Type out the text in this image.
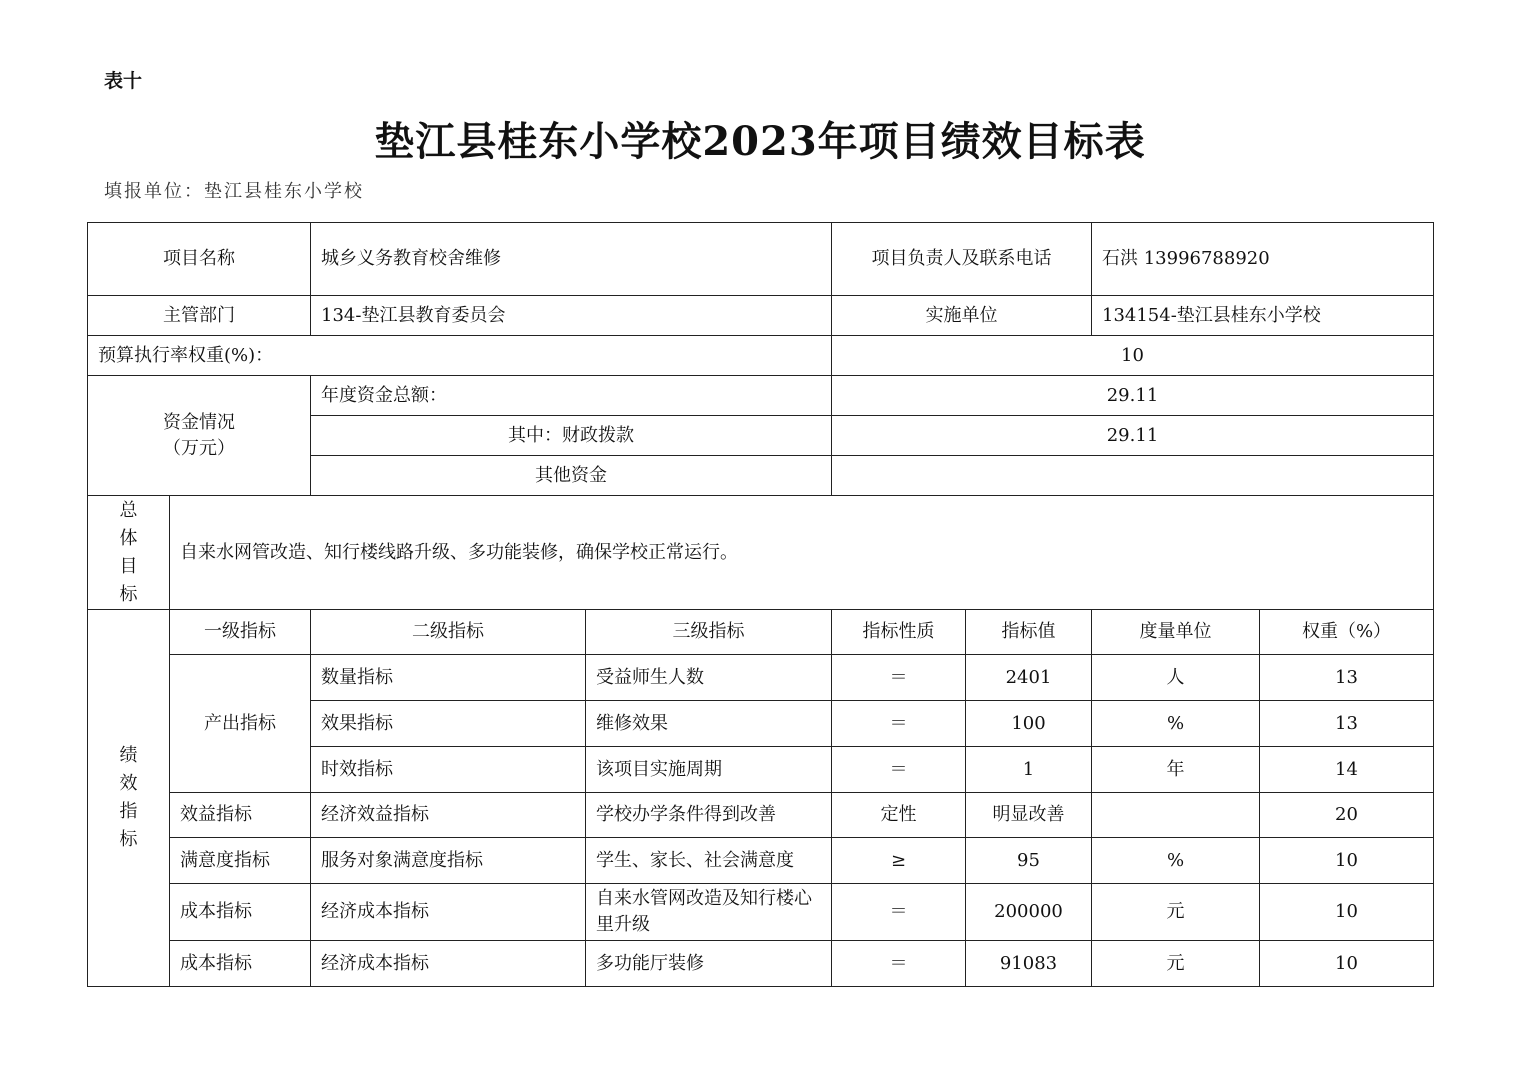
表十
垫江县桂东小学校2023年项目绩效目标表
填报单位：垫江县桂东小学校
项目名称		城乡义务教育校舍维修		项目负责人及联系电话		石洪 13996788920	
主管部门		134-垫江县教育委员会		实施单位		134154-垫江县桂东小学校	
预算执行率权重(%)：				10			

资金情况
（万元）		年度资金总额：		29.11			
		其中：财政拨款		29.11			
		其他资金					

总
体
目
标	自来水网管改造、知行楼线路升级、多功能装修，确保学校正常运行。						

绩
效
指
标	一级指标	二级指标	三级指标	指标性质	指标值	度量单位	权重（%）
	产出指标	数量指标	受益师生人数	＝	2401	人	13
		效果指标	维修效果	＝	100	%	13
		时效指标	该项目实施周期	＝	1	年	14
	效益指标	经济效益指标	学校办学条件得到改善	定性	明显改善		20
	满意度指标	服务对象满意度指标	学生、家长、社会满意度	≥	95	%	10
	成本指标	经济成本指标	自来水管网改造及知行楼心里升级	＝	200000	元	10
	成本指标	经济成本指标	多功能厅装修	＝	91083	元	10
